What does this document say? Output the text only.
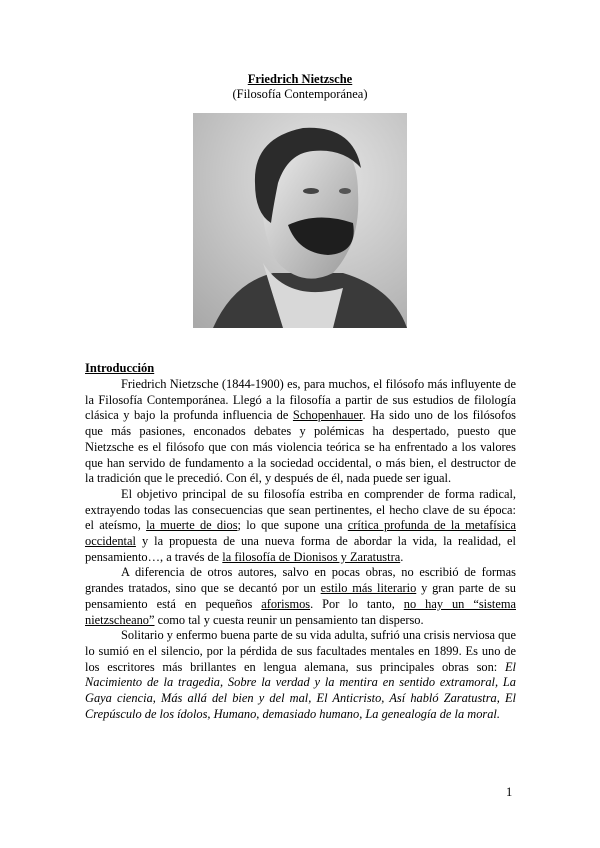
Friedrich Nietzsche
(Filosofía Contemporánea)
Introducción

Friedrich Nietzsche (1844-1900) es, para muchos, el filósofo más influyente de la Filosofía Contemporánea. Llegó a la filosofía a partir de sus estudios de filología clásica y bajo la profunda influencia de Schopenhauer. Ha sido uno de los filósofos que más pasiones, enconados debates y polémicas ha despertado, puesto que Nietzsche es el filósofo que con más violencia teórica se ha enfrentado a los valores que han servido de fundamento a la sociedad occidental, o más bien, el destructor de la tradición que le precedió. Con él, y después de él, nada puede ser igual.

El objetivo principal de su filosofía estriba en comprender de forma radical, extrayendo todas las consecuencias que sean pertinentes, el hecho clave de su época: el ateísmo, la muerte de dios; lo que supone una crítica profunda de la metafísica occidental y la propuesta de una nueva forma de abordar la vida, la realidad, el pensamiento…, a través de la filosofía de Dionisos y Zaratustra.

A diferencia de otros autores, salvo en pocas obras, no escribió de formas grandes tratados, sino que se decantó por un estilo más literario y gran parte de su pensamiento está en pequeños aforismos. Por lo tanto, no hay un “sistema nietzscheano” como tal y cuesta reunir un pensamiento tan disperso.

Solitario y enfermo buena parte de su vida adulta, sufrió una crisis nerviosa que lo sumió en el silencio, por la pérdida de sus facultades mentales en 1899. Es uno de los escritores más brillantes en lengua alemana, sus principales obras son: El Nacimiento de la tragedia, Sobre la verdad y la mentira en sentido extramoral, La Gaya ciencia, Más allá del bien y del mal, El Anticristo, Así habló Zaratustra, El Crepúsculo de los ídolos, Humano, demasiado humano, La genealogía de la moral.

1
